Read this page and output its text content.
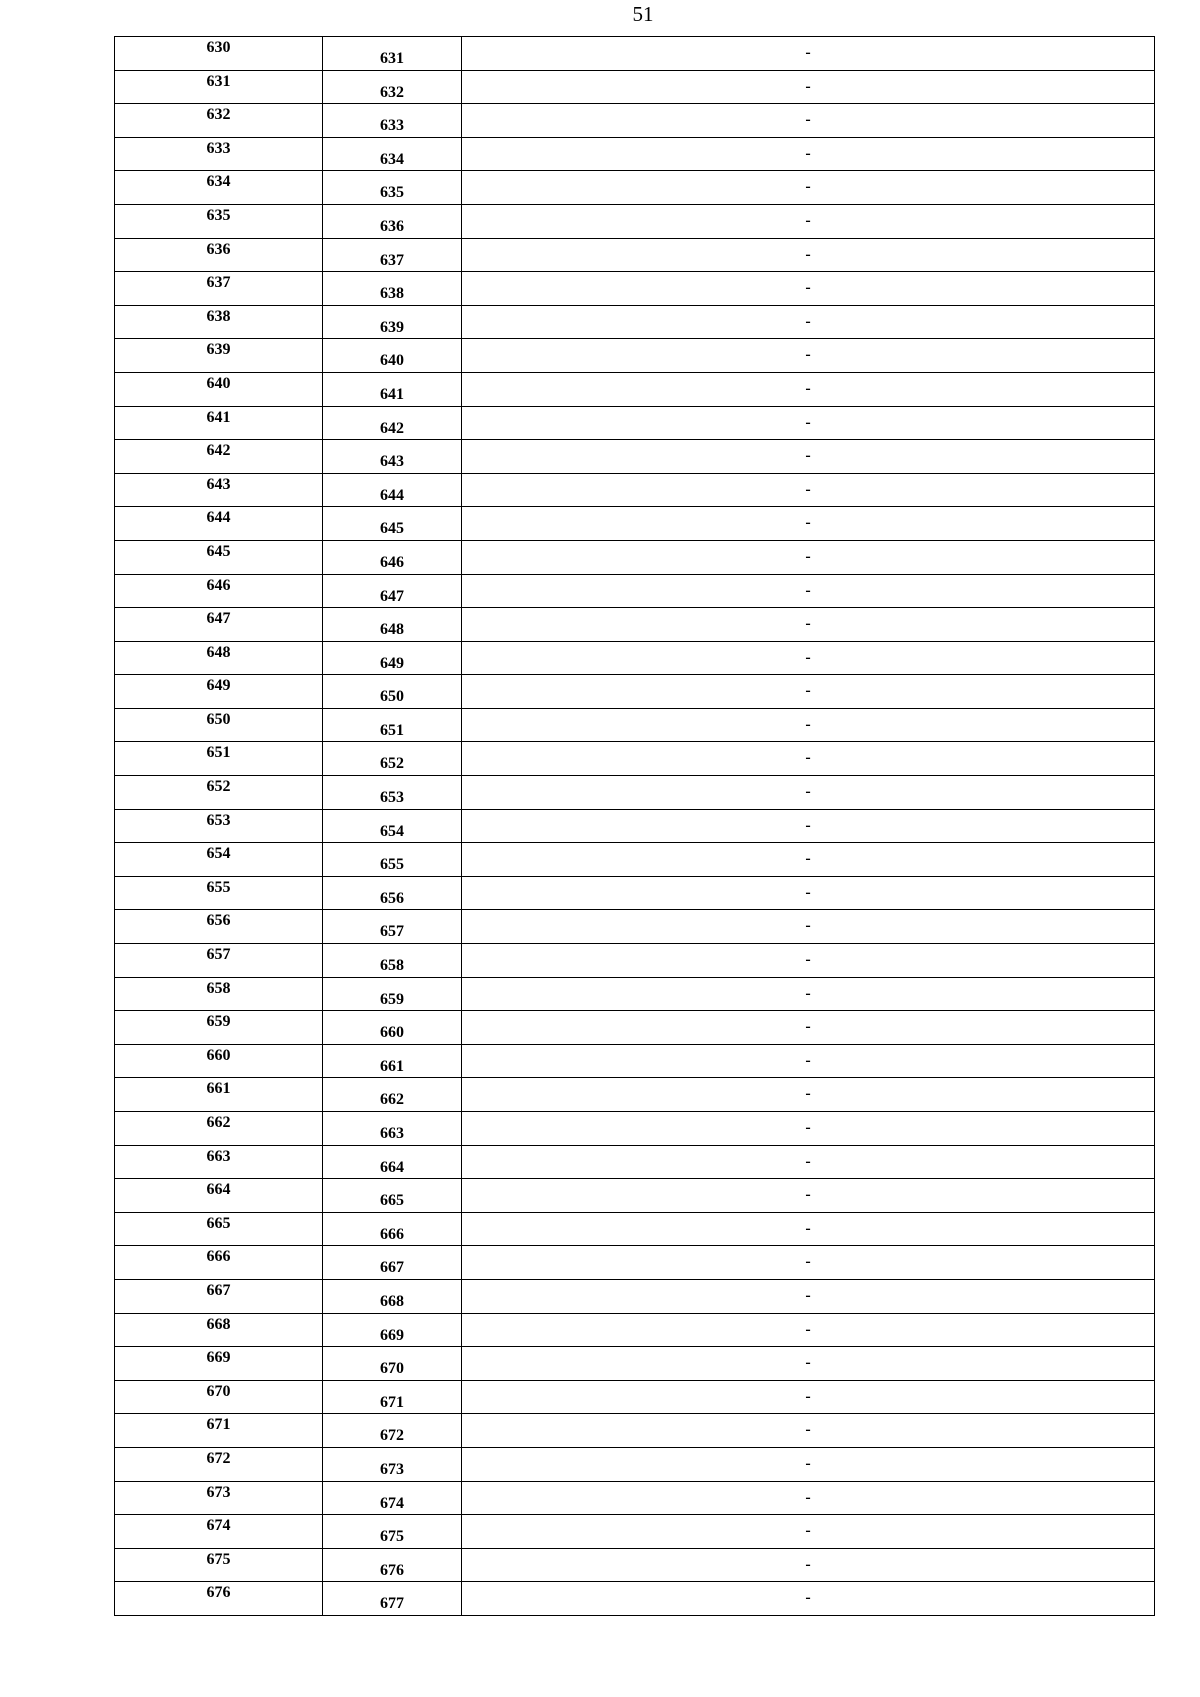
51
630	631	-

631	632	-

632	633	-

633	634	-

634	635	-

635	636	-

636	637	-

637	638	-

638	639	-

639	640	-

640	641	-

641	642	-

642	643	-

643	644	-

644	645	-

645	646	-

646	647	-

647	648	-

648	649	-

649	650	-

650	651	-

651	652	-

652	653	-

653	654	-

654	655	-

655	656	-

656	657	-

657	658	-

658	659	-

659	660	-

660	661	-

661	662	-

662	663	-

663	664	-

664	665	-

665	666	-

666	667	-

667	668	-

668	669	-

669	670	-

670	671	-

671	672	-

672	673	-

673	674	-

674	675	-

675	676	-

676	677	-
